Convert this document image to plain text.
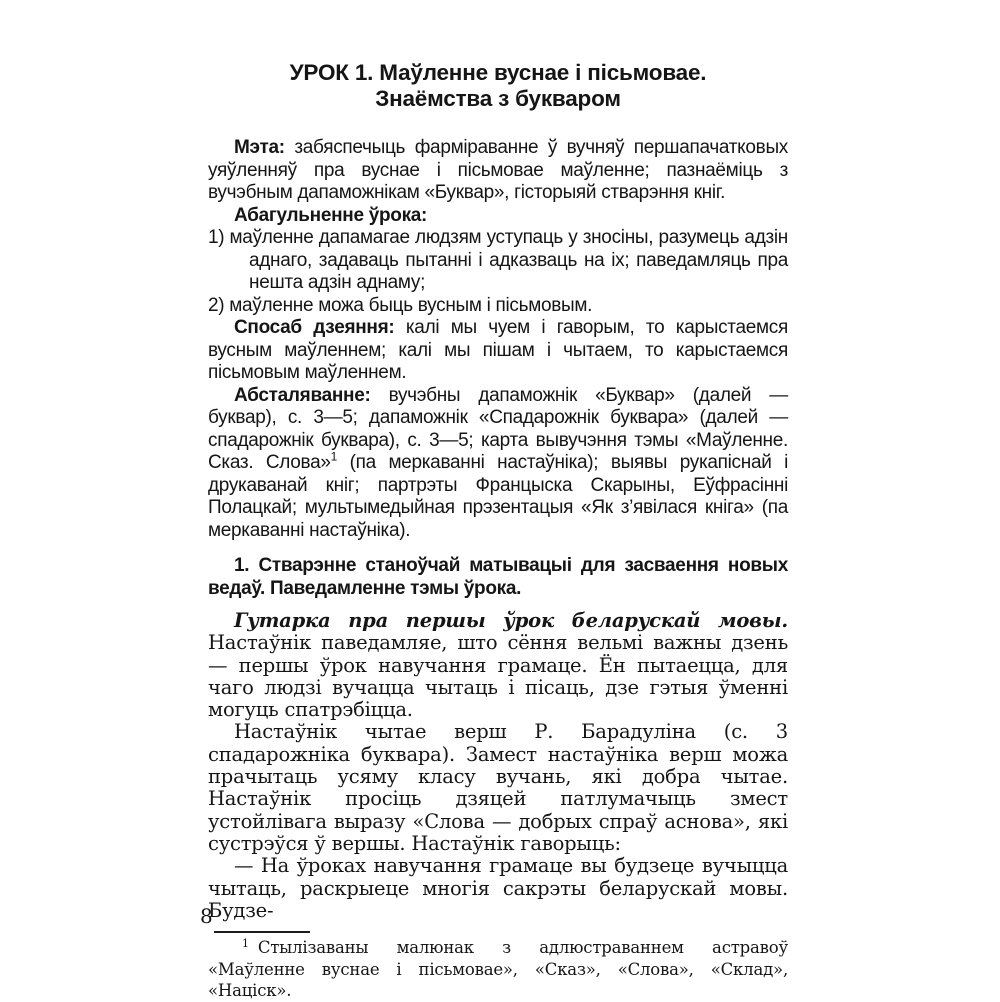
УРОК 1. Маўленне вуснае і пісьмовае.
Знаёмства з букваром

Мэта: забяспечыць фарміраванне ў вучняў першапачатковых уяўленняў пра вуснае і пісьмовае маўленне; пазнаёміць з вучэбным дапаможнікам «Буквар», гісторыяй стварэння кніг.

Абагульненне ўрока:

1) маўленне дапамагае людзям уступаць у зносіны, разумець адзін аднаго, задаваць пытанні і адказваць на іх; паведамляць пра нешта адзін аднаму;
2) маўленне можа быць вусным і пісьмовым.

Спосаб дзеяння: калі мы чуем і гаворым, то карыстаемся вусным маўленнем; калі мы пішам і чытаем, то карыстаемся пісьмовым маўленнем.

Абсталяванне: вучэбны дапаможнік «Буквар» (далей — буквар), с. 3—5; дапаможнік «Спадарожнік буквара» (далей — спадарожнік буквара), с. 3—5; карта вывучэння тэмы «Маўленне. Сказ. Слова»$^1$ (па меркаванні настаўніка); выявы рукапіснай і друкаванай кніг; партрэты Францыска Скарыны, Еўфрасінні Полацкай; мультымедыйная прэзентацыя «Як з’явілася кніга» (па меркаванні настаўніка).

1. Стварэнне станоўчай матывацыі для засваення новых ведаў. Паведамленне тэмы ўрока.

Гутарка пра першы ўрок беларускай мовы. Настаўнік паведамляе, што сёння вельмі важны дзень — першы ўрок навучання грамаце. Ён пытаецца, для чаго людзі вучацца чытаць і пісаць, дзе гэтыя ўменні могуць спатрэбіцца.

Настаўнік чытае верш Р. Барадуліна (с. 3 спадарожніка буквара). Замест настаўніка верш можа прачытаць усяму класу вучань, які добра чытае. Настаўнік просіць дзяцей патлумачыць змест устойлівага выразу «Слова — добрых спраў аснова», які сустрэўся ў вершы. Настаўнік гаворыць:

— На ўроках навучання грамаце вы будзеце вучыцца чытаць, раскрыеце многія сакрэты беларускай мовы. Будзе-

$^1$ Стылізаваны малюнак з адлюстраваннем астравоў «Маўленне вуснае і пісьмовае», «Сказ», «Слова», «Склад», «Націск».

8
